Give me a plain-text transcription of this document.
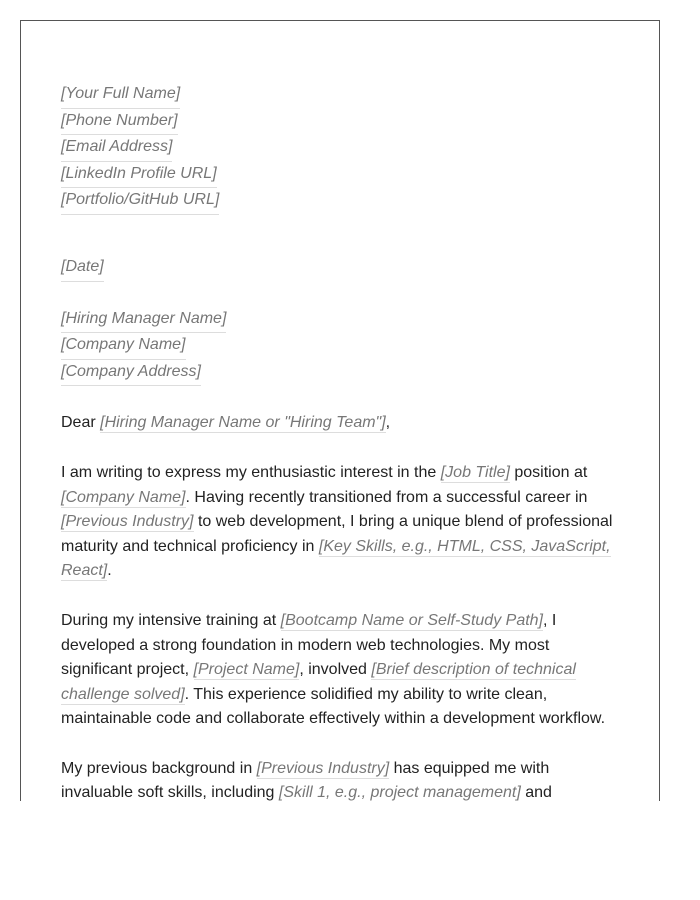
[Your Full Name]
[Phone Number]
[Email Address]
[LinkedIn Profile URL]
[Portfolio/GitHub URL]
[Date]
[Hiring Manager Name]
[Company Name]
[Company Address]

Dear [Hiring Manager Name or "Hiring Team"],

I am writing to express my enthusiastic interest in the [Job Title] position at [Company Name]. Having recently transitioned from a successful career in [Previous Industry] to web development, I bring a unique blend of professional maturity and technical proficiency in [Key Skills, e.g., HTML, CSS, JavaScript, React].

During my intensive training at [Bootcamp Name or Self-Study Path], I developed a strong foundation in modern web technologies. My most significant project, [Project Name], involved [Brief description of technical challenge solved]. This experience solidified my ability to write clean, maintainable code and collaborate effectively within a development workflow.

My previous background in [Previous Industry] has equipped me with invaluable soft skills, including [Skill 1, e.g., project management] and
